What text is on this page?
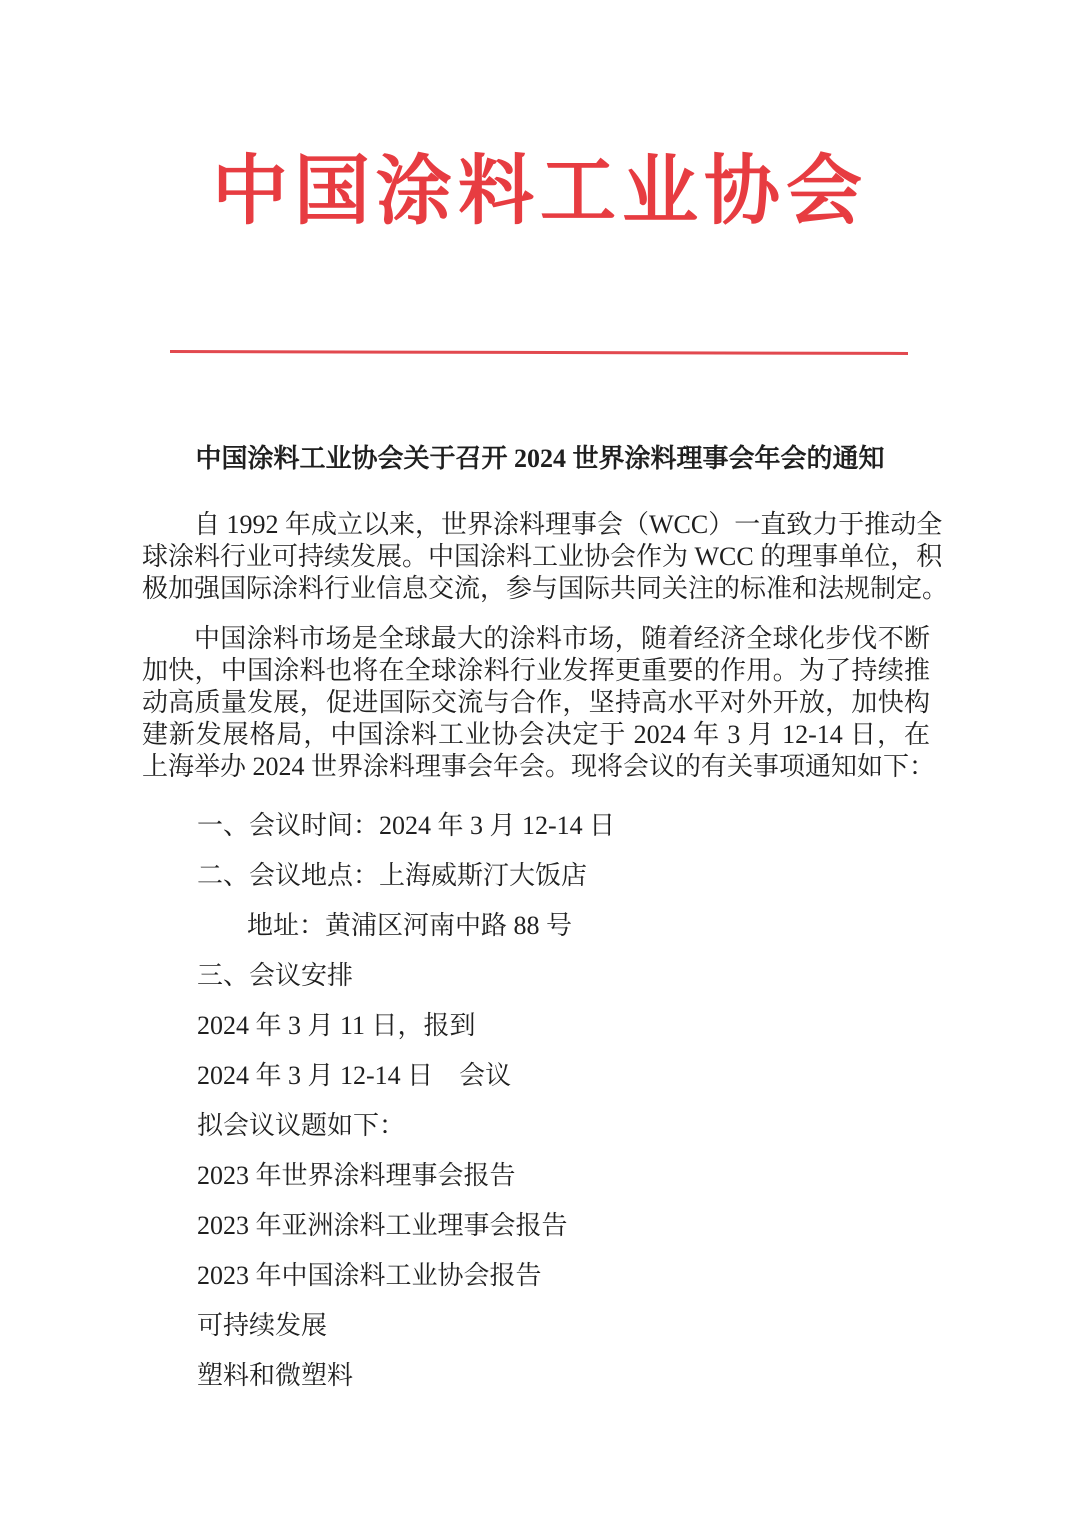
中国涂料工业协会
中国涂料工业协会关于召开 2024 世界涂料理事会年会的通知
自 1992 年成立以来，世界涂料理事会（WCC）一直致力于推动全
球涂料行业可持续发展。中国涂料工业协会作为 WCC 的理事单位，积
极加强国际涂料行业信息交流，参与国际共同关注的标准和法规制定。
中国涂料市场是全球最大的涂料市场，随着经济全球化步伐不断
加快，中国涂料也将在全球涂料行业发挥更重要的作用。为了持续推
动高质量发展，促进国际交流与合作，坚持高水平对外开放，加快构
建新发展格局，中国涂料工业协会决定于 2024 年 3 月 12-14 日，在
上海举办 2024 世界涂料理事会年会。现将会议的有关事项通知如下：
一、会议时间：2024 年 3 月 12-14 日
二、会议地点：上海威斯汀大饭店
地址：黄浦区河南中路 88 号
三、会议安排
2024 年 3 月 11 日，报到
2024 年 3 月 12-14 日　会议
拟会议议题如下：
2023 年世界涂料理事会报告
2023 年亚洲涂料工业理事会报告
2023 年中国涂料工业协会报告
可持续发展
塑料和微塑料
